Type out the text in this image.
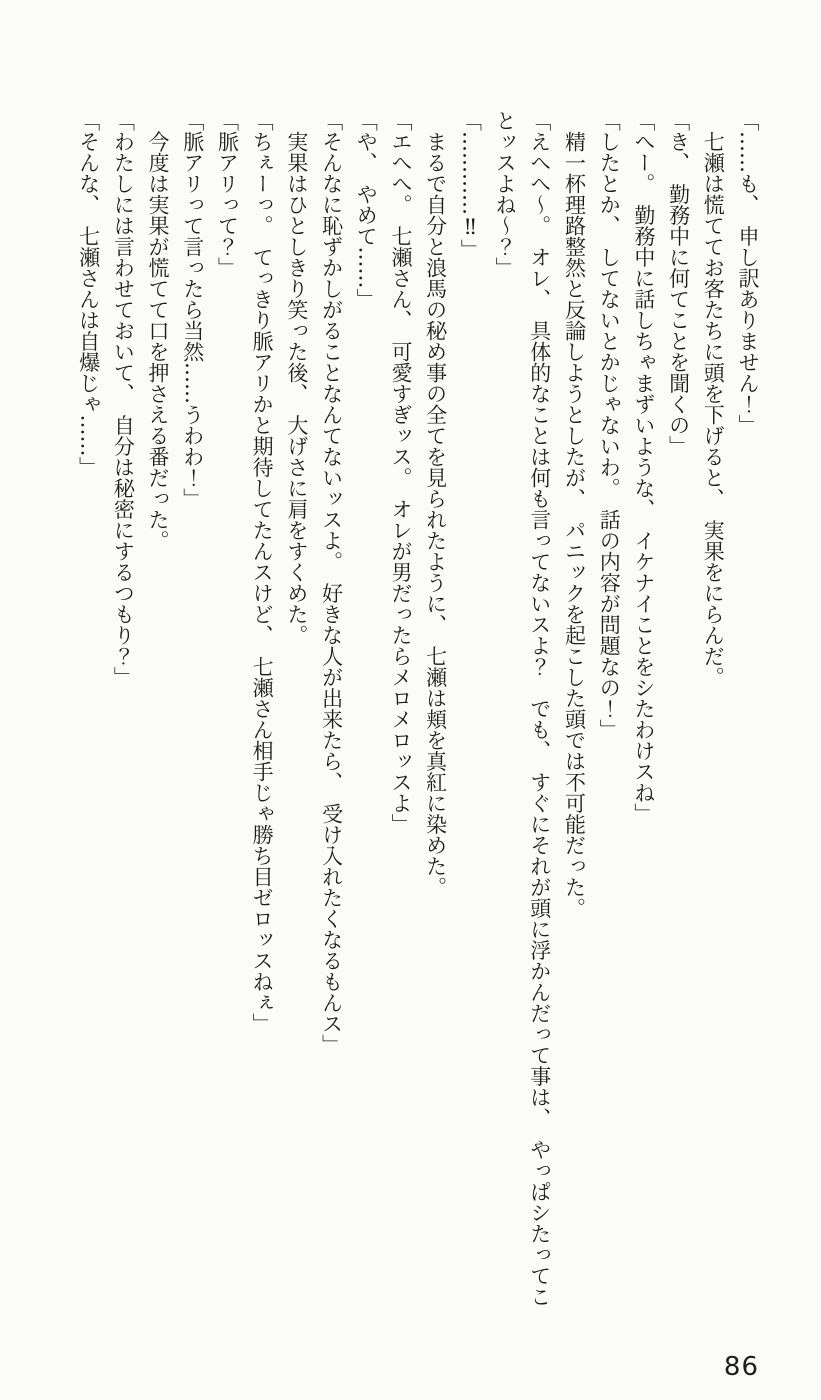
「……も、　申し訳ありません！」

七瀬は慌ててお客たちに頭を下げると、　実果をにらんだ。

「き、　勤務中に何てことを聞くの」

「へー。　勤務中に話しちゃまずいような、　イケナイことをシたわけスね」

「したとか、　してないとかじゃないわ。　話の内容が問題なの！」

精一杯理路整然と反論しようとしたが、　パニックを起こした頭では不可能だった。

「えへへ〜。　オレ、　具体的なことは何も言ってないスよ？　でも、　すぐにそれが頭に浮かんだって事は、　やっぱシたってことッスよね〜？」

「…………‼」

まるで自分と浪馬の秘め事の全てを見られたように、　七瀬は頬を真紅に染めた。

「エへへ。　七瀬さん、　可愛すぎッス。　オレが男だったらメロメロッスよ」

「や、　やめて……」

「そんなに恥ずかしがることなんてないッスよ。　好きな人が出来たら、　受け入れたくなるもんス」

実果はひとしきり笑った後、　大げさに肩をすくめた。

「ちぇーっ。　てっきり脈アリかと期待してたんスけど、　七瀬さん相手じゃ勝ち目ゼロッスねぇ」

「脈アリって？」

「脈アリって言ったら当然……うわわ！」

今度は実果が慌てて口を押さえる番だった。

「わたしには言わせておいて、　自分は秘密にするつもり？」

「そんな、　七瀬さんは自爆じゃ……」

86
